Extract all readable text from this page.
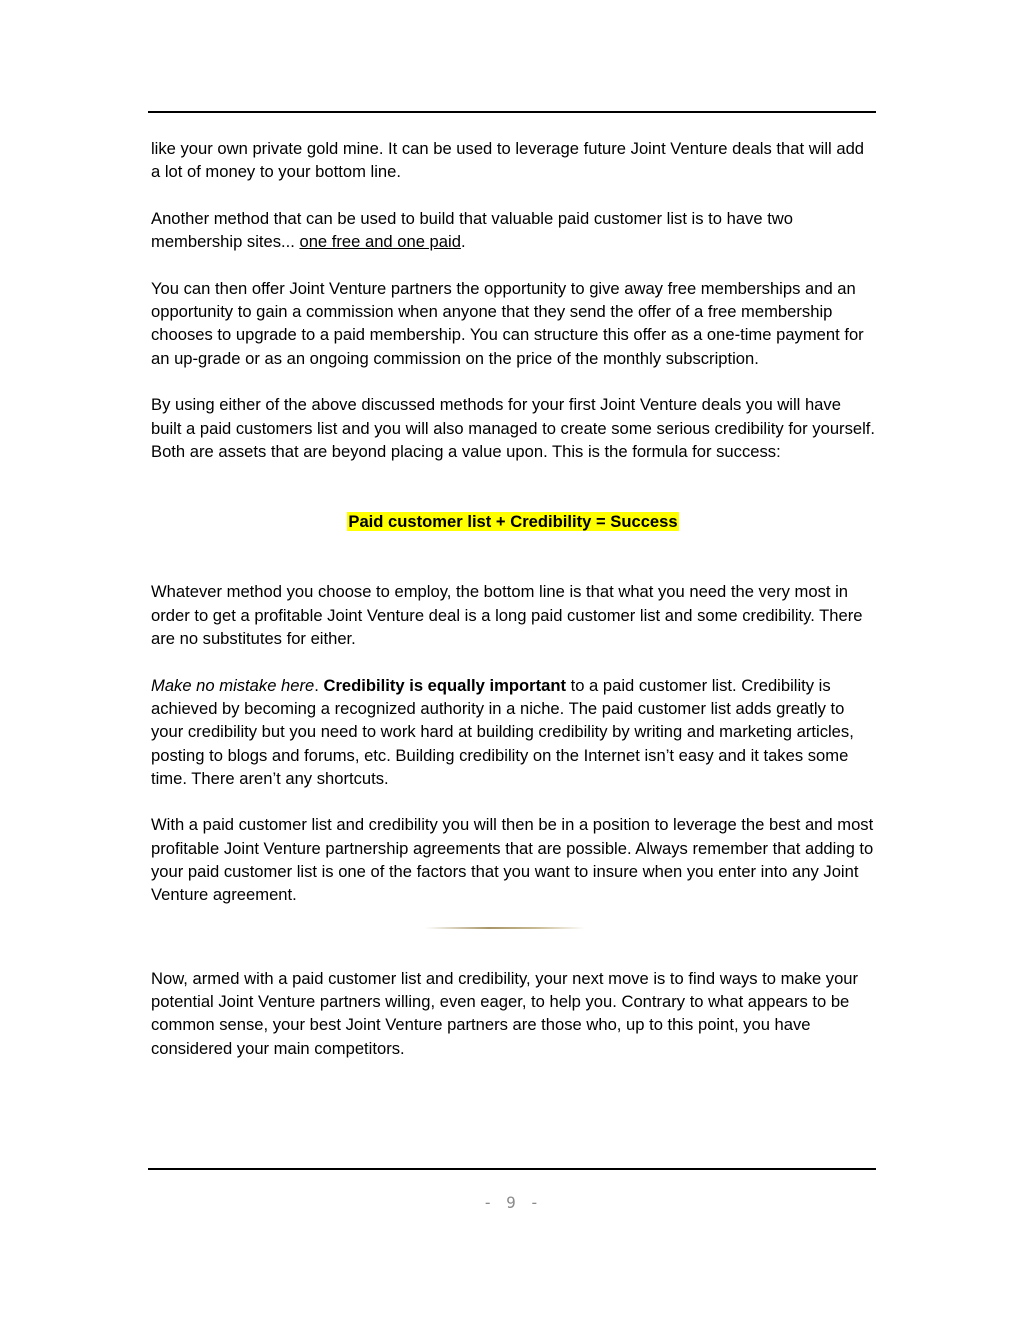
like your own private gold mine. It can be used to leverage future Joint Venture deals that will add a lot of money to your bottom line.

Another method that can be used to build that valuable paid customer list is to have two membership sites... one free and one paid.

You can then offer Joint Venture partners the opportunity to give away free memberships and an opportunity to gain a commission when anyone that they send the offer of a free membership chooses to upgrade to a paid membership. You can structure this offer as a one-time payment for an up-grade or as an ongoing commission on the price of the monthly subscription.

By using either of the above discussed methods for your first Joint Venture deals you will have built a paid customers list and you will also managed to create some serious credibility for yourself. Both are assets that are beyond placing a value upon. This is the formula for success:

Paid customer list + Credibility = Success

Whatever method you choose to employ, the bottom line is that what you need the very most in order to get a profitable Joint Venture deal is a long paid customer list and some credibility. There are no substitutes for either.

Make no mistake here. Credibility is equally important to a paid customer list. Credibility is achieved by becoming a recognized authority in a niche. The paid customer list adds greatly to your credibility but you need to work hard at building credibility by writing and marketing articles, posting to blogs and forums, etc. Building credibility on the Internet isn’t easy and it takes some time. There aren’t any shortcuts.

With a paid customer list and credibility you will then be in a position to leverage the best and most profitable Joint Venture partnership agreements that are possible. Always remember that adding to your paid customer list is one of the factors that you want to insure when you enter into any Joint Venture agreement.

Now, armed with a paid customer list and credibility, your next move is to find ways to make your potential Joint Venture partners willing, even eager, to help you. Contrary to what appears to be common sense, your best Joint Venture partners are those who, up to this point, you have considered your main competitors.

- 9 -
